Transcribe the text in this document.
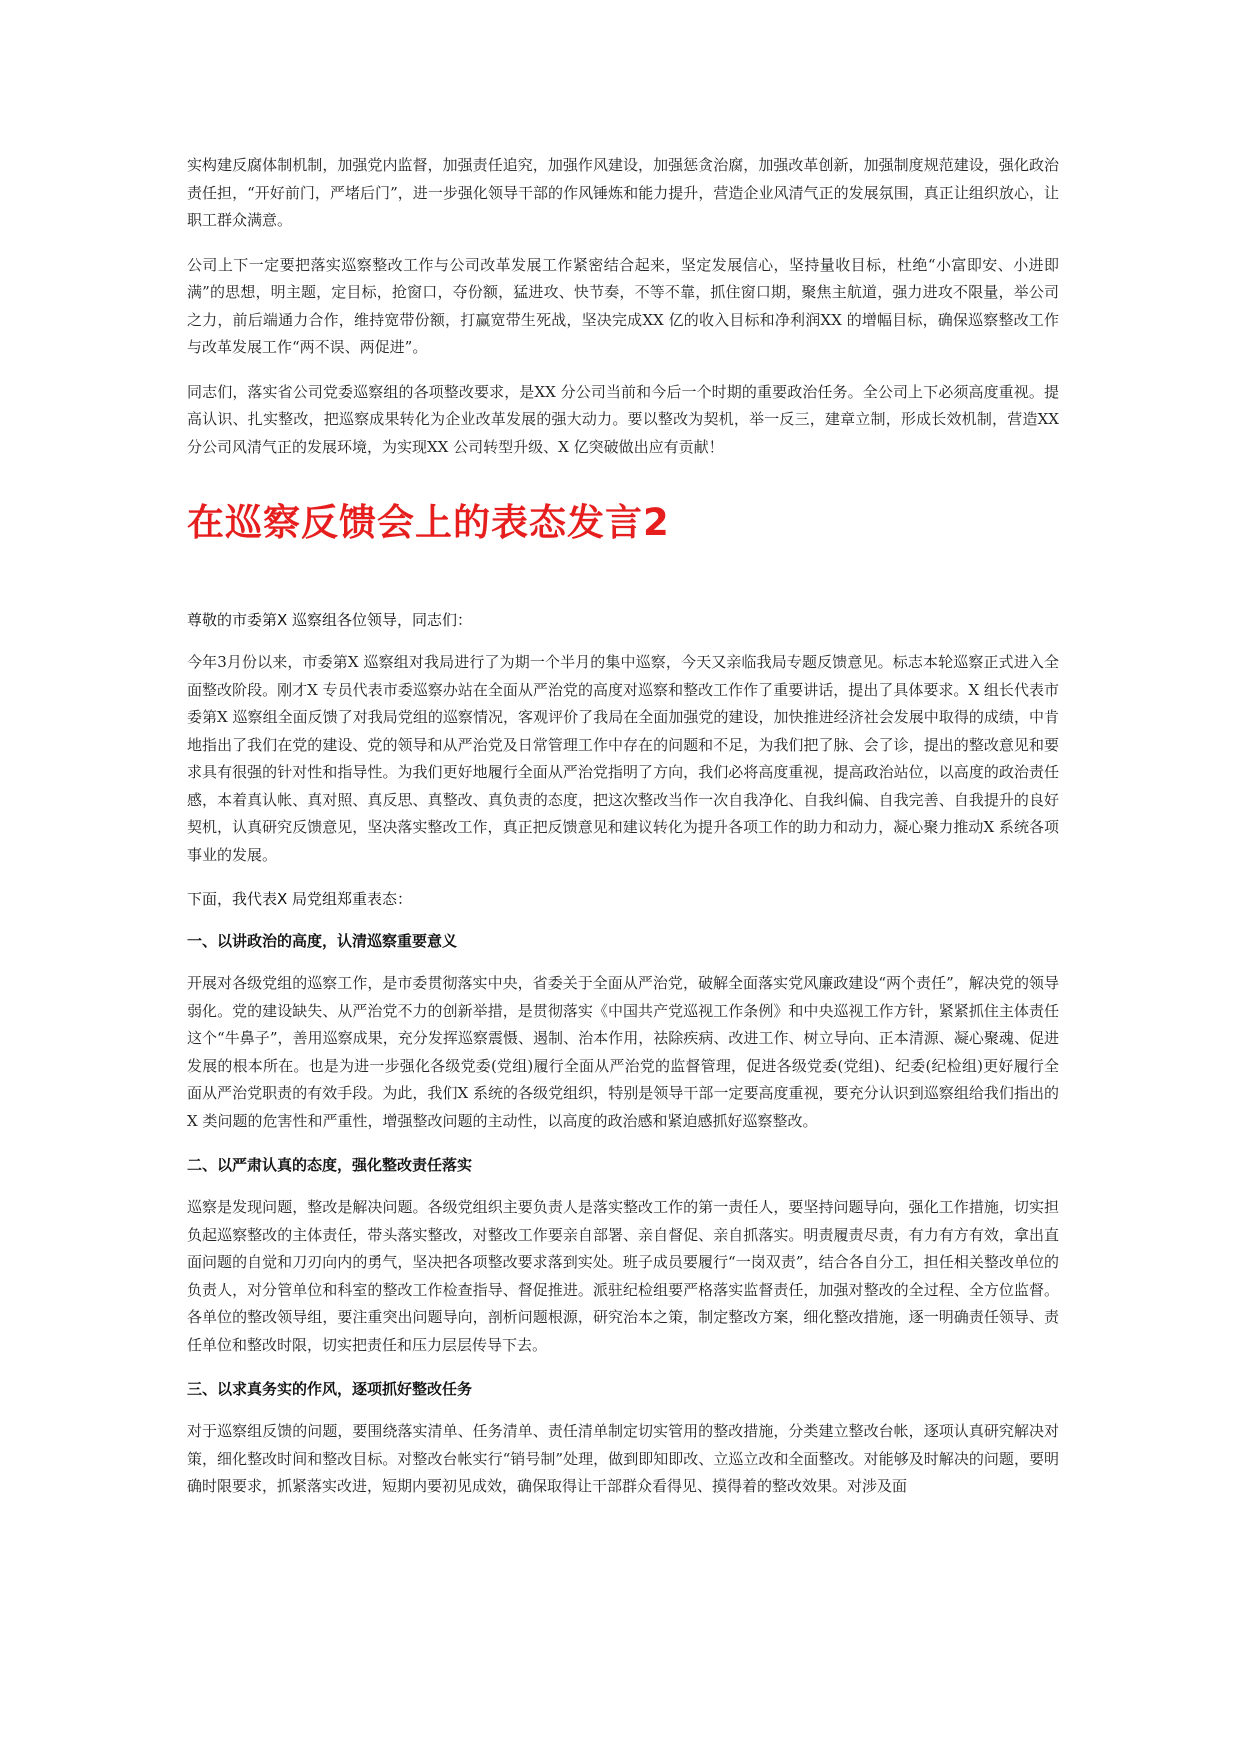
实构建反腐体制机制，加强党内监督，加强责任追究，加强作风建设，加强惩贪治腐，加强改革创新，加强制度规范建设，强化政治责任担，“开好前门，严堵后门”，进一步强化领导干部的作风锤炼和能力提升，营造企业风清气正的发展氛围，真正让组织放心，让职工群众满意。

公司上下一定要把落实巡察整改工作与公司改革发展工作紧密结合起来，坚定发展信心，坚持量收目标，杜绝“小富即安、小进即满”的思想，明主题，定目标，抢窗口，夺份额，猛进攻、快节奏，不等不靠，抓住窗口期，聚焦主航道，强力进攻不限量，举公司之力，前后端通力合作，维持宽带份额，打赢宽带生死战，坚决完成XX 亿的收入目标和净利润XX 的增幅目标，确保巡察整改工作与改革发展工作“两不误、两促进”。

同志们，落实省公司党委巡察组的各项整改要求，是XX 分公司当前和今后一个时期的重要政治任务。全公司上下必须高度重视。提高认识、扎实整改，把巡察成果转化为企业改革发展的强大动力。要以整改为契机，举一反三，建章立制，形成长效机制，营造XX 分公司风清气正的发展环境，为实现XX 公司转型升级、X 亿突破做出应有贡献！

在巡察反馈会上的表态发言2

尊敬的市委第X 巡察组各位领导，同志们：

今年3月份以来，市委第X 巡察组对我局进行了为期一个半月的集中巡察，今天又亲临我局专题反馈意见。标志本轮巡察正式进入全面整改阶段。刚才X 专员代表市委巡察办站在全面从严治党的高度对巡察和整改工作作了重要讲话，提出了具体要求。X 组长代表市委第X 巡察组全面反馈了对我局党组的巡察情况，客观评价了我局在全面加强党的建设，加快推进经济社会发展中取得的成绩，中肯地指出了我们在党的建设、党的领导和从严治党及日常管理工作中存在的问题和不足，为我们把了脉、会了诊，提出的整改意见和要求具有很强的针对性和指导性。为我们更好地履行全面从严治党指明了方向，我们必将高度重视，提高政治站位，以高度的政治责任感，本着真认帐、真对照、真反思、真整改、真负责的态度，把这次整改当作一次自我净化、自我纠偏、自我完善、自我提升的良好契机，认真研究反馈意见，坚决落实整改工作，真正把反馈意见和建议转化为提升各项工作的助力和动力，凝心聚力推动X 系统各项事业的发展。

下面，我代表X 局党组郑重表态：

一、以讲政治的高度，认清巡察重要意义

开展对各级党组的巡察工作，是市委贯彻落实中央，省委关于全面从严治党，破解全面落实党风廉政建设“两个责任”，解决党的领导弱化。党的建设缺失、从严治党不力的创新举措，是贯彻落实《中国共产党巡视工作条例》和中央巡视工作方针，紧紧抓住主体责任这个“牛鼻子”，善用巡察成果，充分发挥巡察震慑、遏制、治本作用，祛除疾病、改进工作、树立导向、正本清源、凝心聚魂、促进发展的根本所在。也是为进一步强化各级党委(党组)履行全面从严治党的监督管理，促进各级党委(党组)、纪委(纪检组)更好履行全面从严治党职责的有效手段。为此，我们X 系统的各级党组织，特别是领导干部一定要高度重视，要充分认识到巡察组给我们指出的X 类问题的危害性和严重性，增强整改问题的主动性，以高度的政治感和紧迫感抓好巡察整改。

二、以严肃认真的态度，强化整改责任落实

巡察是发现问题，整改是解决问题。各级党组织主要负责人是落实整改工作的第一责任人，要坚持问题导向，强化工作措施，切实担负起巡察整改的主体责任，带头落实整改，对整改工作要亲自部署、亲自督促、亲自抓落实。明责履责尽责，有力有方有效，拿出直面问题的自觉和刀刃向内的勇气，坚决把各项整改要求落到实处。班子成员要履行“一岗双责”，结合各自分工，担任相关整改单位的负责人，对分管单位和科室的整改工作检查指导、督促推进。派驻纪检组要严格落实监督责任，加强对整改的全过程、全方位监督。各单位的整改领导组，要注重突出问题导向，剖析问题根源，研究治本之策，制定整改方案，细化整改措施，逐一明确责任领导、责任单位和整改时限，切实把责任和压力层层传导下去。

三、以求真务实的作风，逐项抓好整改任务

对于巡察组反馈的问题，要围绕落实清单、任务清单、责任清单制定切实管用的整改措施，分类建立整改台帐，逐项认真研究解决对策，细化整改时间和整改目标。对整改台帐实行“销号制”处理，做到即知即改、立巡立改和全面整改。对能够及时解决的问题，要明确时限要求，抓紧落实改进，短期内要初见成效，确保取得让干部群众看得见、摸得着的整改效果。对涉及面
